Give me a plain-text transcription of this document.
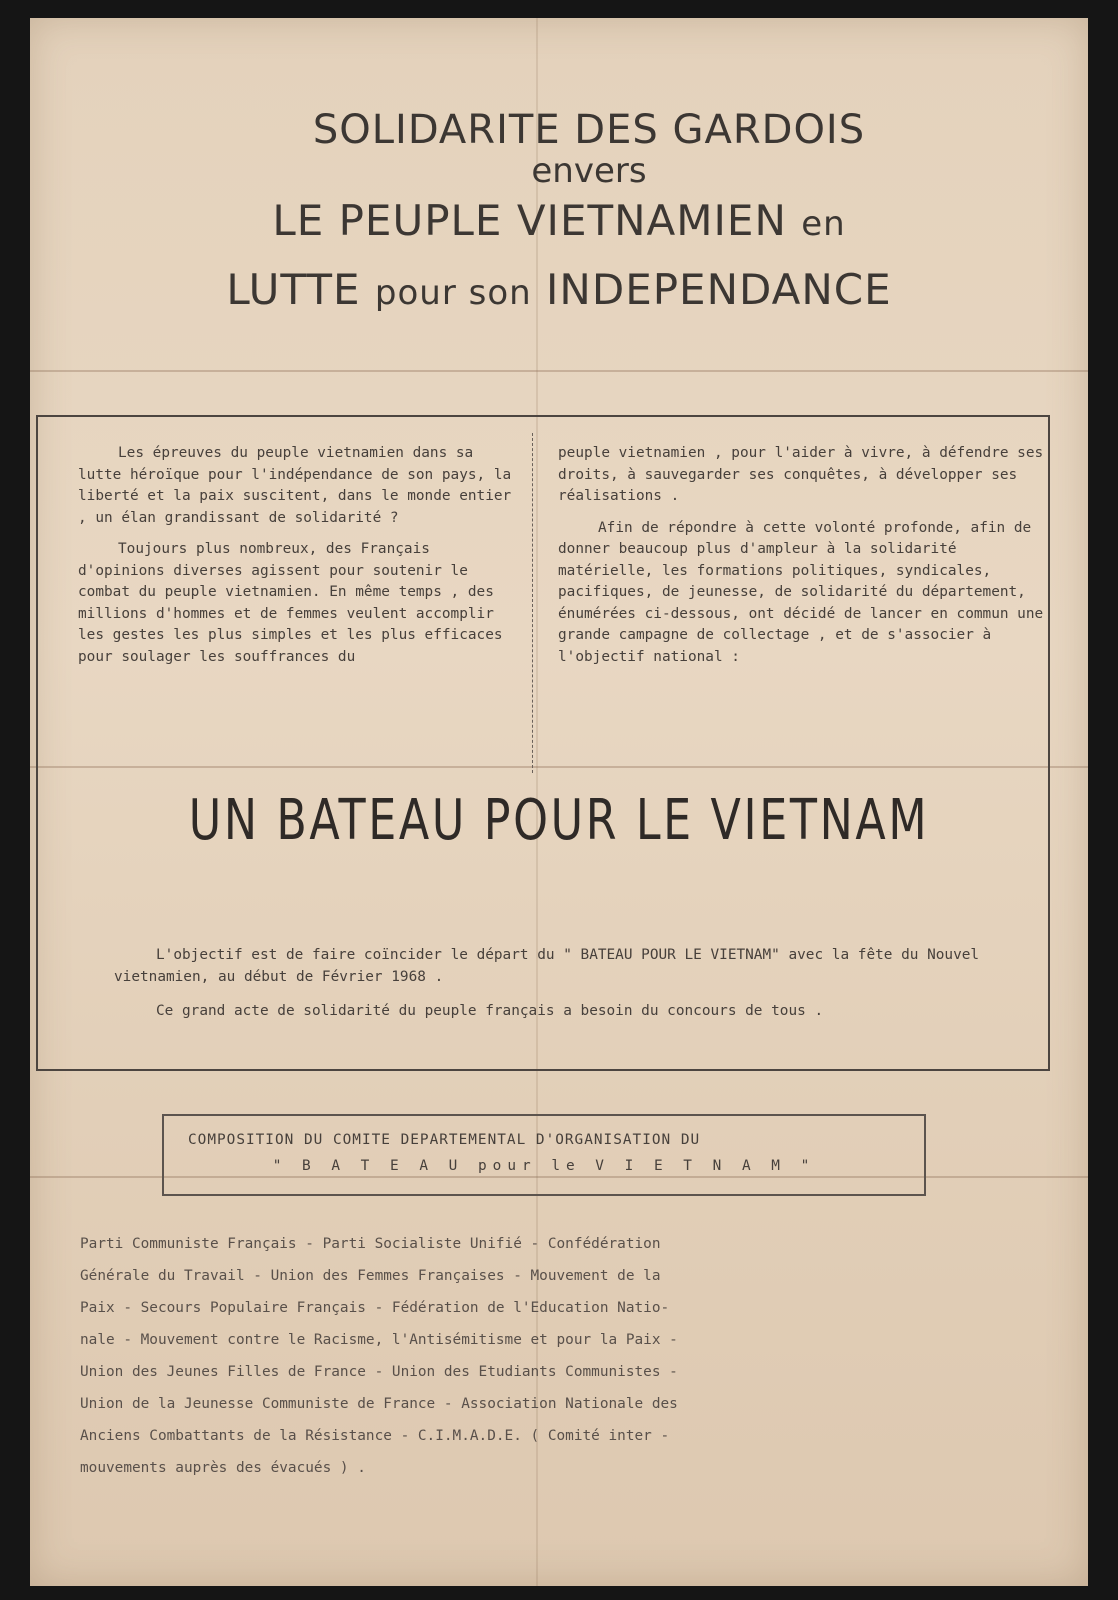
SOLIDARITE DES GARDOIS
envers
LE PEUPLE VIETNAMIEN en
LUTTE pour son INDEPENDANCE

Les épreuves du peuple vietnamien dans sa lutte héroïque pour l'indépendance de son pays, la liberté et la paix suscitent, dans le monde entier , un élan grandissant de solidarité ?

Toujours plus nombreux, des Français d'opinions diverses agissent pour soutenir le combat du peuple vietnamien. En même temps , des millions d'hommes et de femmes veulent accomplir les gestes les plus simples et les plus efficaces pour soulager les souffrances du

peuple vietnamien , pour l'aider à vivre, à défendre ses droits, à sauvegarder ses conquêtes, à développer ses réalisations .

Afin de répondre à cette volonté profonde, afin de donner beaucoup plus d'ampleur à la solidarité matérielle, les formations politiques, syndicales, pacifiques, de jeunesse, de solidarité du département, énumérées ci-dessous, ont décidé de lancer en commun une grande campagne de collectage , et de s'associer à l'objectif national :

UN BATEAU POUR LE VIETNAM

L'objectif est de faire coïncider le départ du " BATEAU POUR LE VIETNAM" avec la fête du Nouvel vietnamien, au début de Février 1968 .

Ce grand acte de solidarité du peuple français a besoin du concours de tous .

COMPOSITION DU COMITE DEPARTEMENTAL D'ORGANISATION DU
" B A T E A U pour le V I E T N A M "
Parti Communiste Français - Parti Socialiste Unifié - Confédération
Générale du Travail - Union des Femmes Françaises - Mouvement de la
Paix - Secours Populaire Français - Fédération de l'Education Natio-
nale - Mouvement contre le Racisme, l'Antisémitisme et pour la Paix -
Union des Jeunes Filles de France - Union des Etudiants Communistes -
Union de la Jeunesse Communiste de France - Association Nationale des
Anciens Combattants de la Résistance - C.I.M.A.D.E. ( Comité inter -
mouvements auprès des évacués ) .
